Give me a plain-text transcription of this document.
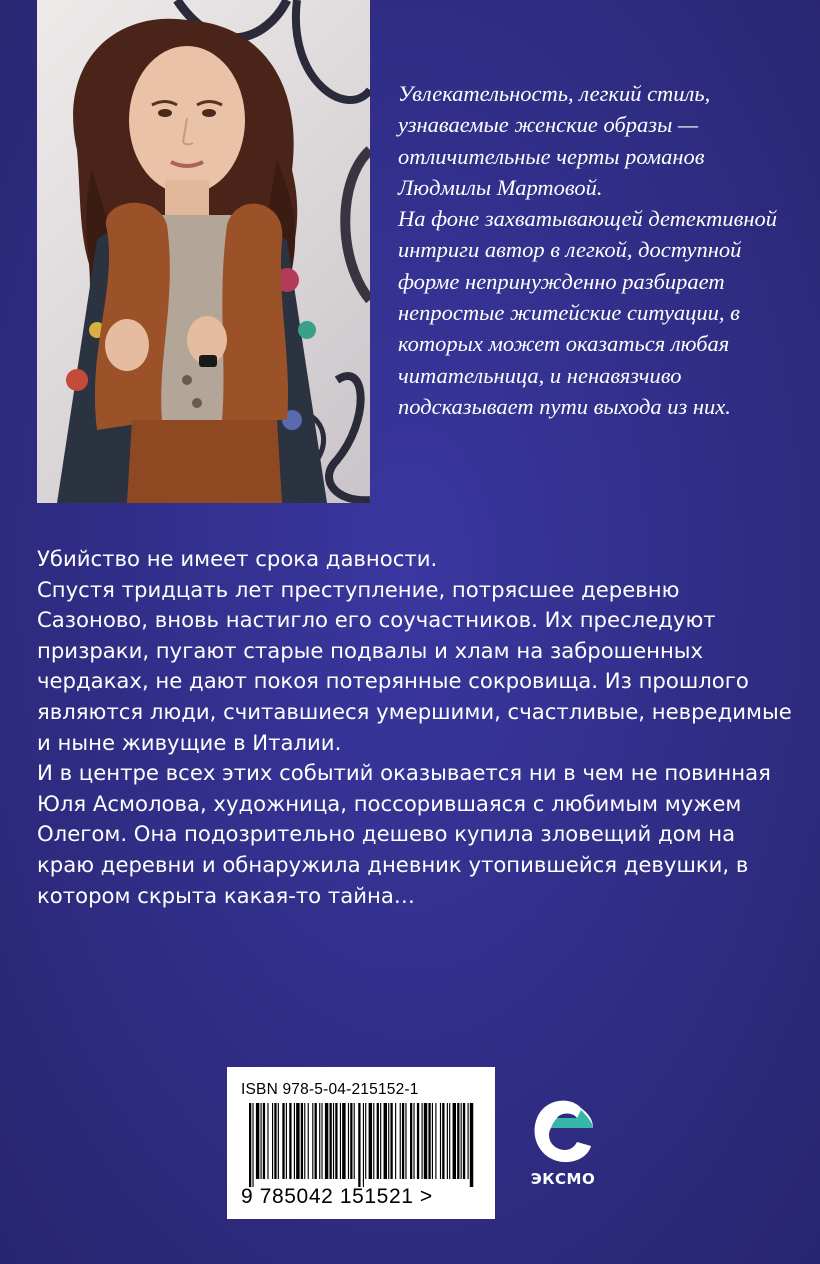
Увлекательность, легкий стиль, узнаваемые женские образы — отличительные черты романов Людмилы Мартовой.

На фоне захватывающей детективной интриги автор в легкой, доступной форме непринужденно разбирает непростые житейские ситуации, в которых может оказаться любая читательница, и ненавязчиво подсказывает пути выхода из них.

Убийство не имеет срока давности.

Спустя тридцать лет преступление, потрясшее деревню Сазоново, вновь настигло его соучастников. Их преследуют призраки, пугают старые подвалы и хлам на заброшенных чердаках, не дают покоя потерянные сокровища. Из прошлого являются люди, считавшиеся умершими, счастливые, невредимые и ныне живущие в Италии.

И в центре всех этих событий оказывается ни в чем не повинная Юля Асмолова, художница, поссорившаяся с любимым мужем Олегом. Она подозрительно дешево купила зловещий дом на краю деревни и обнаружила дневник утопившейся девушки, в котором скрыта какая-то тайна…

ISBN 978-5-04-215152-1
9 785042 151521 >
ЭКСМО
